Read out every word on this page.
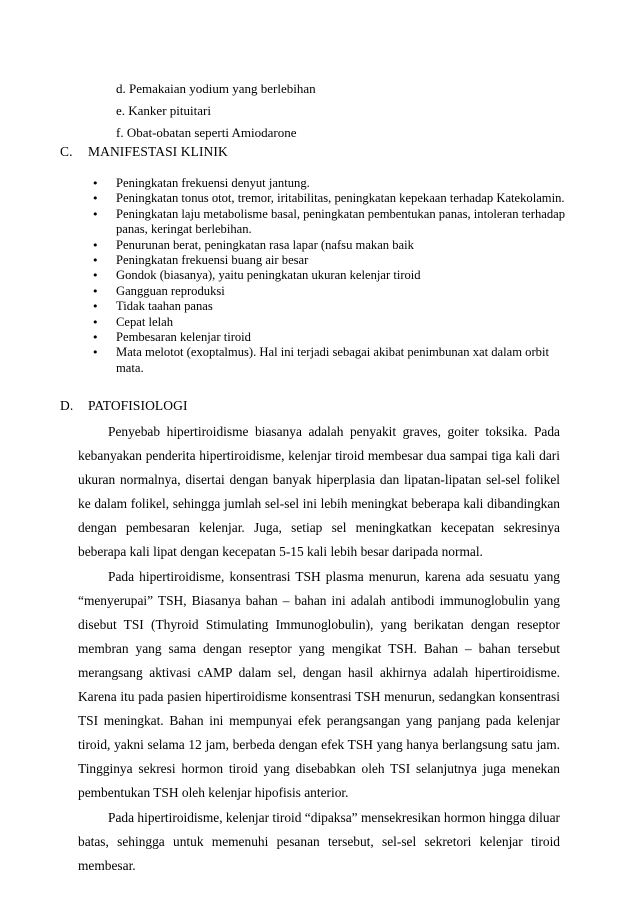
d. Pemakaian yodium yang berlebihan
e. Kanker pituitari
f. Obat-obatan seperti Amiodarone
C. MANIFESTASI KLINIK
•	Peningkatan frekuensi denyut jantung.
•	Peningkatan tonus otot, tremor, iritabilitas, peningkatan kepekaan terhadap Katekolamin.
•	Peningkatan laju metabolisme basal, peningkatan pembentukan panas, intoleran terhadap panas, keringat berlebihan.
•	Penurunan berat, peningkatan rasa lapar (nafsu makan baik
•	Peningkatan frekuensi buang air besar
•	Gondok (biasanya), yaitu peningkatan ukuran kelenjar tiroid
•	Gangguan reproduksi
•	Tidak taahan panas
•	Cepat lelah
•	Pembesaran kelenjar tiroid
•	Mata melotot (exoptalmus). Hal ini terjadi sebagai akibat penimbunan xat dalam orbit mata.
D. PATOFISIOLOGI

Penyebab hipertiroidisme biasanya adalah penyakit graves, goiter toksika. Pada kebanyakan penderita hipertiroidisme, kelenjar tiroid membesar dua sampai tiga kali dari ukuran normalnya, disertai dengan banyak hiperplasia dan lipatan-lipatan sel-sel folikel ke dalam folikel, sehingga jumlah sel-sel ini lebih meningkat beberapa kali dibandingkan dengan pembesaran kelenjar. Juga, setiap sel meningkatkan kecepatan sekresinya beberapa kali lipat dengan kecepatan 5-15 kali lebih besar daripada normal.

Pada hipertiroidisme, konsentrasi TSH plasma menurun, karena ada sesuatu yang “menyerupai” TSH, Biasanya bahan – bahan ini adalah antibodi immunoglobulin yang disebut TSI (Thyroid Stimulating Immunoglobulin), yang berikatan dengan reseptor membran yang sama dengan reseptor yang mengikat TSH. Bahan – bahan tersebut merangsang aktivasi cAMP dalam sel, dengan hasil akhirnya adalah hipertiroidisme. Karena itu pada pasien hipertiroidisme konsentrasi TSH menurun, sedangkan konsentrasi TSI meningkat. Bahan ini mempunyai efek perangsangan yang panjang pada kelenjar tiroid, yakni selama 12 jam, berbeda dengan efek TSH yang hanya berlangsung satu jam. Tingginya sekresi hormon tiroid yang disebabkan oleh TSI selanjutnya juga menekan pembentukan TSH oleh kelenjar hipofisis anterior.

Pada hipertiroidisme, kelenjar tiroid “dipaksa” mensekresikan hormon hingga diluar batas, sehingga untuk memenuhi pesanan tersebut, sel-sel sekretori kelenjar tiroid membesar.
